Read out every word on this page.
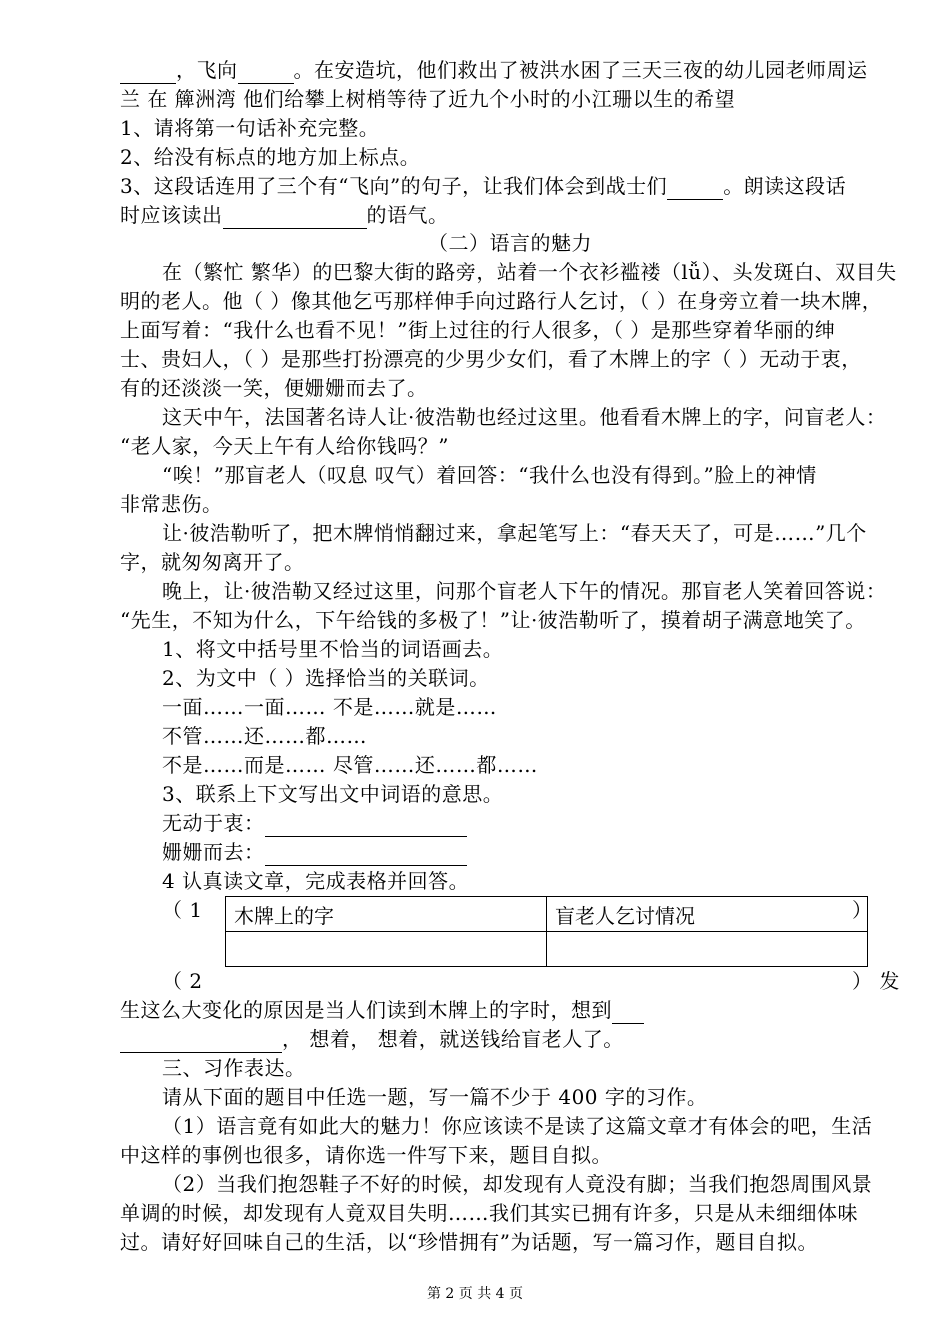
，飞向	。在安造坑，他们救出了被洪水困了三天三夜的幼儿园老师周运
兰 在 簰洲湾 他们给攀上树梢等待了近九个小时的小江珊以生的希望
1、请将第一句话补充完整。
2、给没有标点的地方加上标点。
3、这段话连用了三个有“飞向”的句子，让我们体会到战士们	。朗读这段话
时应该读出	的语气。
（二）语言的魅力
在（繁忙 繁华）的巴黎大街的路旁，站着一个衣衫褴褛（lǚ）、头发斑白、双目失
明的老人。他（ ）像其他乞丐那样伸手向过路行人乞讨，（ ）在身旁立着一块木牌，
上面写着：“我什么也看不见！”街上过往的行人很多，（ ）是那些穿着华丽的绅
士、贵妇人，（ ）是那些打扮漂亮的少男少女们，看了木牌上的字（ ）无动于衷，
有的还淡淡一笑，便姗姗而去了。
这天中午，法国著名诗人让·彼浩勒也经过这里。他看看木牌上的字，问盲老人：
“老人家，今天上午有人给你钱吗？”
“唉！”那盲老人（叹息 叹气）着回答：“我什么也没有得到。”脸上的神情
非常悲伤。
让·彼浩勒听了，把木牌悄悄翻过来，拿起笔写上：“春天天了，可是……”几个
字，就匆匆离开了。
晚上，让·彼浩勒又经过这里，问那个盲老人下午的情况。那盲老人笑着回答说：
“先生，不知为什么，下午给钱的多极了！”让·彼浩勒听了，摸着胡子满意地笑了。
1、将文中括号里不恰当的词语画去。
2、为文中（ ）选择恰当的关联词。
一面……一面…… 不是……就是……
不管……还……都……
不是……而是…… 尽管……还……都……
3、联系上下文写出文中词语的意思。
无动于衷：
姗姗而去：
4 认真读文章，完成表格并回答。
（ 1	）
木牌上的字	盲老人乞讨情况

（ 2	） 发
生这么大变化的原因是当人们读到木牌上的字时，想到
， 想着， 想着，就送钱给盲老人了。
三、习作表达。
请从下面的题目中任选一题，写一篇不少于 400 字的习作。
（1）语言竟有如此大的魅力！你应该读不是读了这篇文章才有体会的吧，生活
中这样的事例也很多，请你选一件写下来，题目自拟。
（2）当我们抱怨鞋子不好的时候，却发现有人竟没有脚；当我们抱怨周围风景
单调的时候，却发现有人竟双目失明……我们其实已拥有许多，只是从未细细体味
过。请好好回味自己的生活，以“珍惜拥有”为话题，写一篇习作，题目自拟。
第 2 页 共 4 页
